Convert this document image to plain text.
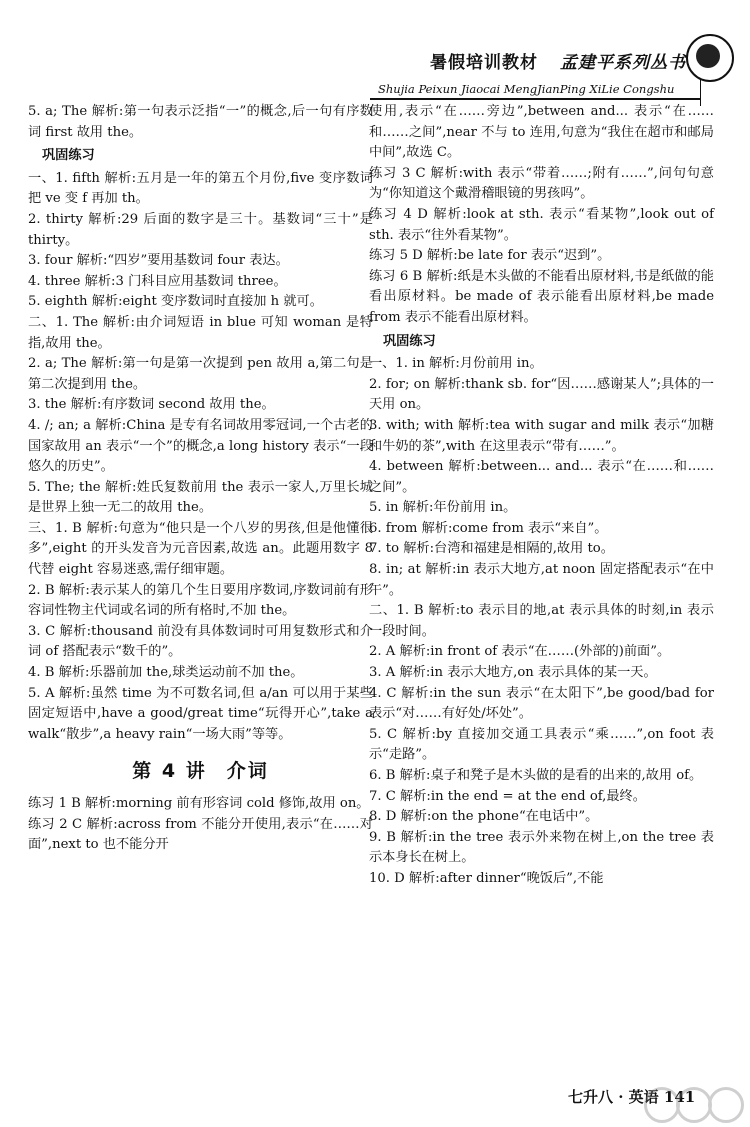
暑假培训教材 孟建平系列丛书
Shujia Peixun Jiaocai MengJianPing XiLie Congshu

5. a; The 解析:第一句表示泛指“一”的概念,后一句有序数词 first 故用 the。

巩固练习

一、1. fifth 解析:五月是一年的第五个月份,five 变序数词把 ve 变 f 再加 th。

2. thirty 解析:29 后面的数字是三十。基数词“三十”是 thirty。

3. four 解析:“四岁”要用基数词 four 表达。

4. three 解析:3 门科目应用基数词 three。

5. eighth 解析:eight 变序数词时直接加 h 就可。

二、1. The 解析:由介词短语 in blue 可知 woman 是特指,故用 the。

2. a; The 解析:第一句是第一次提到 pen 故用 a,第二句是第二次提到用 the。

3. the 解析:有序数词 second 故用 the。

4. /; an; a 解析:China 是专有名词故用零冠词,一个古老的国家故用 an 表示“一个”的概念,a long history 表示“一段悠久的历史”。

5. The; the 解析:姓氏复数前用 the 表示一家人,万里长城是世界上独一无二的故用 the。

三、1. B 解析:句意为“他只是一个八岁的男孩,但是他懂很多”,eight 的开头发音为元音因素,故选 an。此题用数字 8 代替 eight 容易迷惑,需仔细审题。

2. B 解析:表示某人的第几个生日要用序数词,序数词前有形容词性物主代词或名词的所有格时,不加 the。

3. C 解析:thousand 前没有具体数词时可用复数形式和介词 of 搭配表示“数千的”。

4. B 解析:乐器前加 the,球类运动前不加 the。

5. A 解析:虽然 time 为不可数名词,但 a/an 可以用于某些固定短语中,have a good/great time“玩得开心”,take a walk“散步”,a heavy rain“一场大雨”等等。

第 4 讲 介词

练习 1 B 解析:morning 前有形容词 cold 修饰,故用 on。

练习 2 C 解析:across from 不能分开使用,表示“在……对面”,next to 也不能分开

使用,表示“在……旁边”,between and... 表示“在……和……之间”,near 不与 to 连用,句意为“我住在超市和邮局中间”,故选 C。

练习 3 C 解析:with 表示“带着……;附有……”,问句句意为“你知道这个戴滑稽眼镜的男孩吗”。

练习 4 D 解析:look at sth. 表示“看某物”,look out of sth. 表示“往外看某物”。

练习 5 D 解析:be late for 表示“迟到”。

练习 6 B 解析:纸是木头做的不能看出原材料,书是纸做的能看出原材料。be made of 表示能看出原材料,be made from 表示不能看出原材料。

巩固练习

一、1. in 解析:月份前用 in。

2. for; on 解析:thank sb. for“因……感谢某人”;具体的一天用 on。

3. with; with 解析:tea with sugar and milk 表示“加糖和牛奶的茶”,with 在这里表示“带有……”。

4. between 解析:between... and... 表示“在……和……之间”。

5. in 解析:年份前用 in。

6. from 解析:come from 表示“来自”。

7. to 解析:台湾和福建是相隔的,故用 to。

8. in; at 解析:in 表示大地方,at noon 固定搭配表示“在中午”。

二、1. B 解析:to 表示目的地,at 表示具体的时刻,in 表示一段时间。

2. A 解析:in front of 表示“在……(外部的)前面”。

3. A 解析:in 表示大地方,on 表示具体的某一天。

4. C 解析:in the sun 表示“在太阳下”,be good/bad for 表示“对……有好处/坏处”。

5. C 解析:by 直接加交通工具表示“乘……”,on foot 表示“走路”。

6. B 解析:桌子和凳子是木头做的是看的出来的,故用 of。

7. C 解析:in the end = at the end of,最终。

8. D 解析:on the phone“在电话中”。

9. B 解析:in the tree 表示外来物在树上,on the tree 表示本身长在树上。

10. D 解析:after dinner“晚饭后”,不能

七升八 · 英语 141
